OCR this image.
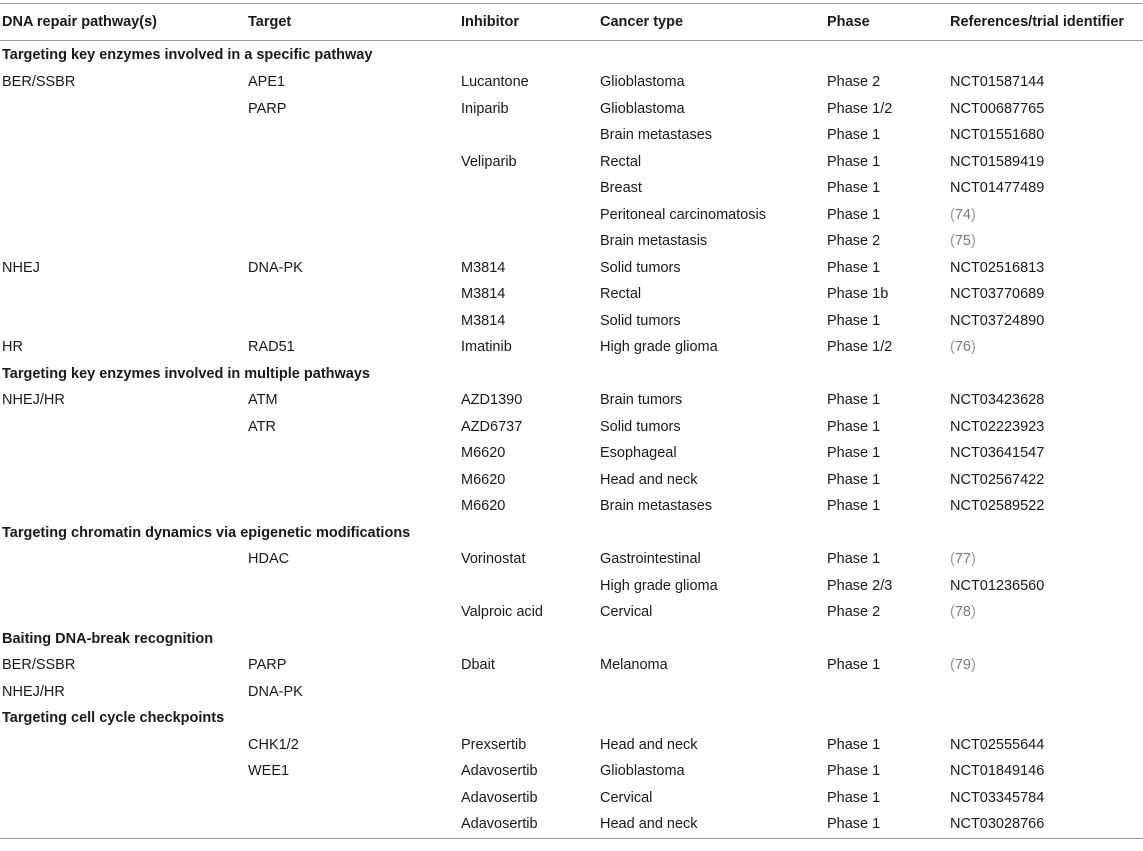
DNA repair pathway(s)	Target	Inhibitor	Cancer type	Phase	References/trial identifier
Targeting key enzymes involved in a specific pathway					
BER/SSBR	APE1	Lucantone	Glioblastoma	Phase 2	NCT01587144
	PARP	Iniparib	Glioblastoma	Phase 1/2	NCT00687765
			Brain metastases	Phase 1	NCT01551680
		Veliparib	Rectal	Phase 1	NCT01589419
			Breast	Phase 1	NCT01477489
			Peritoneal carcinomatosis	Phase 1	(74)
			Brain metastasis	Phase 2	(75)
NHEJ	DNA-PK	M3814	Solid tumors	Phase 1	NCT02516813
		M3814	Rectal	Phase 1b	NCT03770689
		M3814	Solid tumors	Phase 1	NCT03724890
HR	RAD51	Imatinib	High grade glioma	Phase 1/2	(76)
Targeting key enzymes involved in multiple pathways					
NHEJ/HR	ATM	AZD1390	Brain tumors	Phase 1	NCT03423628
	ATR	AZD6737	Solid tumors	Phase 1	NCT02223923
		M6620	Esophageal	Phase 1	NCT03641547
		M6620	Head and neck	Phase 1	NCT02567422
		M6620	Brain metastases	Phase 1	NCT02589522
Targeting chromatin dynamics via epigenetic modifications					
	HDAC	Vorinostat	Gastrointestinal	Phase 1	(77)
			High grade glioma	Phase 2/3	NCT01236560
		Valproic acid	Cervical	Phase 2	(78)
Baiting DNA-break recognition					
BER/SSBR	PARP	Dbait	Melanoma	Phase 1	(79)
NHEJ/HR	DNA-PK				
Targeting cell cycle checkpoints					
	CHK1/2	Prexsertib	Head and neck	Phase 1	NCT02555644
	WEE1	Adavosertib	Glioblastoma	Phase 1	NCT01849146
		Adavosertib	Cervical	Phase 1	NCT03345784
		Adavosertib	Head and neck	Phase 1	NCT03028766
